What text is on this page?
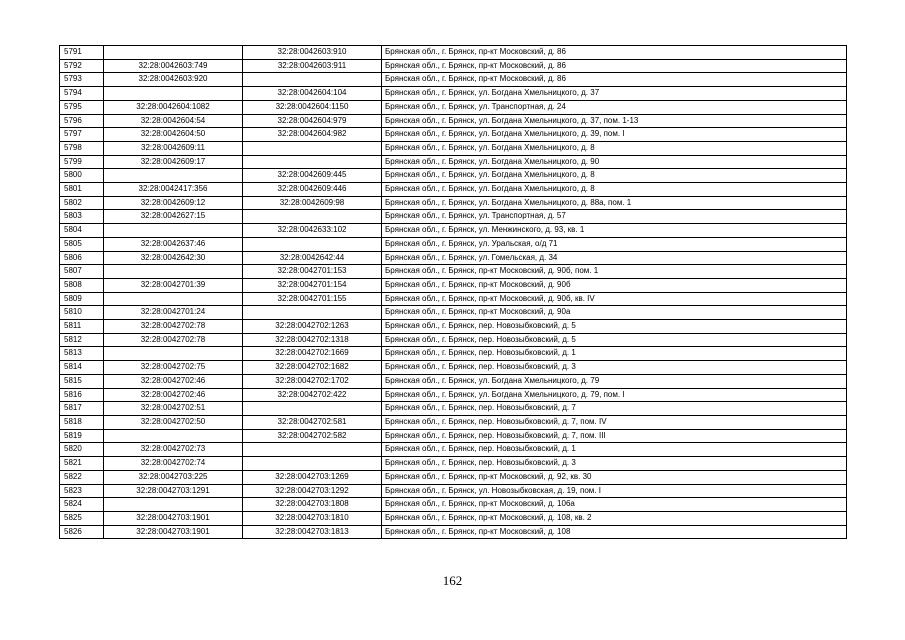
5791		32:28:0042603:910	Брянская обл., г. Брянск, пр-кт Московский, д. 86
5792	32:28:0042603:749	32:28:0042603:911	Брянская обл., г. Брянск, пр-кт Московский, д. 86
5793	32:28:0042603:920		Брянская обл., г. Брянск, пр-кт Московский, д. 86
5794		32:28:0042604:104	Брянская обл., г. Брянск, ул. Богдана Хмельницкого, д. 37
5795	32:28:0042604:1082	32:28:0042604:1150	Брянская обл., г. Брянск, ул. Транспортная, д. 24
5796	32:28:0042604:54	32:28:0042604:979	Брянская обл., г. Брянск, ул. Богдана Хмельницкого, д. 37, пом. 1-13
5797	32:28:0042604:50	32:28:0042604:982	Брянская обл., г. Брянск, ул. Богдана Хмельницкого, д. 39, пом. I
5798	32:28:0042609:11		Брянская обл., г. Брянск, ул. Богдана Хмельницкого, д. 8
5799	32:28:0042609:17		Брянская обл., г. Брянск, ул. Богдана Хмельницкого, д. 90
5800		32:28:0042609:445	Брянская обл., г. Брянск, ул. Богдана Хмельницкого, д. 8
5801	32:28:0042417:356	32:28:0042609:446	Брянская обл., г. Брянск, ул. Богдана Хмельницкого, д. 8
5802	32:28:0042609:12	32:28:0042609:98	Брянская обл., г. Брянск, ул. Богдана Хмельницкого, д. 88а, пом. 1
5803	32:28:0042627:15		Брянская обл., г. Брянск, ул. Транспортная, д. 57
5804		32:28:0042633:102	Брянская обл., г. Брянск, ул. Менжинского, д. 93, кв. 1
5805	32:28:0042637:46		Брянская обл., г. Брянск, ул. Уральская, о/д 71
5806	32:28:0042642:30	32:28:0042642:44	Брянская обл., г. Брянск, ул. Гомельская, д. 34
5807		32:28:0042701:153	Брянская обл., г. Брянск, пр-кт Московский, д. 90б, пом. 1
5808	32:28:0042701:39	32:28:0042701:154	Брянская обл., г. Брянск, пр-кт Московский, д. 90б
5809		32:28:0042701:155	Брянская обл., г. Брянск, пр-кт Московский, д. 90б, кв. IV
5810	32:28:0042701:24		Брянская обл., г. Брянск, пр-кт Московский, д. 90а
5811	32:28:0042702:78	32:28:0042702:1263	Брянская обл., г. Брянск, пер. Новозыбковский, д. 5
5812	32:28:0042702:78	32:28:0042702:1318	Брянская обл., г. Брянск, пер. Новозыбковский, д. 5
5813		32:28:0042702:1669	Брянская обл., г. Брянск, пер. Новозыбковский, д. 1
5814	32:28:0042702:75	32:28:0042702:1682	Брянская обл., г. Брянск, пер. Новозыбковский, д. 3
5815	32:28:0042702:46	32:28:0042702:1702	Брянская обл., г. Брянск, ул. Богдана Хмельницкого, д. 79
5816	32:28:0042702:46	32:28:0042702:422	Брянская обл., г. Брянск, ул. Богдана Хмельницкого, д. 79, пом. I
5817	32:28:0042702:51		Брянская обл., г. Брянск, пер. Новозыбковский, д. 7
5818	32:28:0042702:50	32:28:0042702:581	Брянская обл., г. Брянск, пер. Новозыбковский, д. 7, пом. IV
5819		32:28:0042702:582	Брянская обл., г. Брянск, пер. Новозыбковский, д. 7, пом. III
5820	32:28:0042702:73		Брянская обл., г. Брянск, пер. Новозыбковский, д. 1
5821	32:28:0042702:74		Брянская обл., г. Брянск, пер. Новозыбковский, д. 3
5822	32:28:0042703:225	32:28:0042703:1269	Брянская обл., г. Брянск, пр-кт Московский, д. 92, кв. 30
5823	32:28:0042703:1291	32:28:0042703:1292	Брянская обл., г. Брянск, ул. Новозыбковская, д. 19, пом. I
5824		32:28:0042703:1808	Брянская обл., г. Брянск, пр-кт Московский, д. 106а
5825	32:28:0042703:1901	32:28:0042703:1810	Брянская обл., г. Брянск, пр-кт Московский, д. 108, кв. 2
5826	32:28:0042703:1901	32:28:0042703:1813	Брянская обл., г. Брянск, пр-кт Московский, д. 108
162
